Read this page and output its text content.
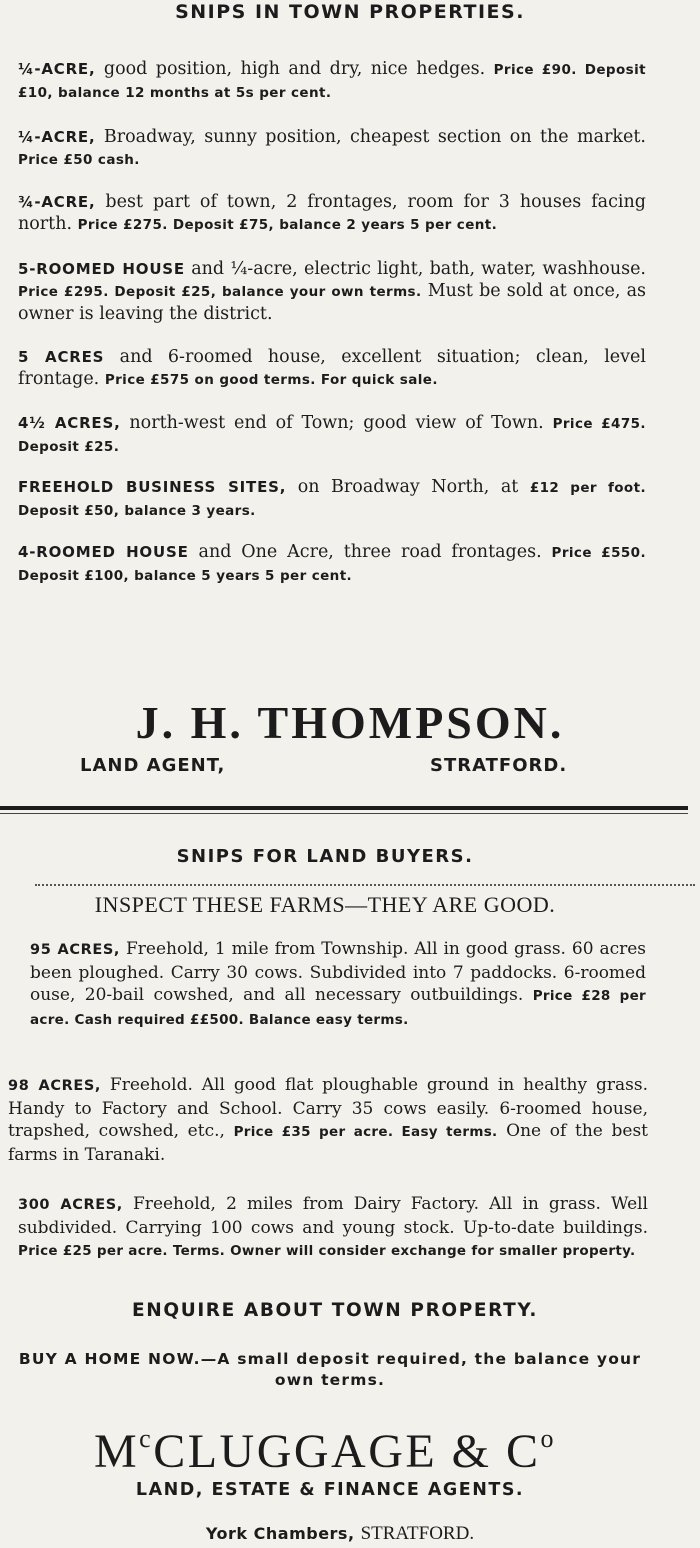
SNIPS IN TOWN PROPERTIES.
¼-ACRE, good position, high and dry, nice hedges. Price £90. Deposit £10, balance 12 months at 5s per cent.
¼-ACRE, Broadway, sunny position, cheapest section on the market. Price £50 cash.
¾-ACRE, best part of town, 2 frontages, room for 3 houses facing north. Price £275. Deposit £75, balance 2 years 5 per cent.
5-ROOMED HOUSE and ¼-acre, electric light, bath, water, washhouse. Price £295. Deposit £25, balance your own terms. Must be sold at once, as owner is leaving the district.
5 ACRES and 6-roomed house, excellent situation; clean, level frontage. Price £575 on good terms. For quick sale.
4½ ACRES, north-west end of Town; good view of Town. Price £475. Deposit £25.
FREEHOLD BUSINESS SITES, on Broadway North, at £12 per foot. Deposit £50, balance 3 years.
4-ROOMED HOUSE and One Acre, three road frontages. Price £550. Deposit £100, balance 5 years 5 per cent.
J. H. THOMPSON.
LAND AGENT,	STRATFORD.
SNIPS FOR LAND BUYERS.
INSPECT THESE FARMS—THEY ARE GOOD.
95 ACRES, Freehold, 1 mile from Township. All in good grass. 60 acres been ploughed. Carry 30 cows. Subdivided into 7 paddocks. 6-roomed ouse, 20-bail cowshed, and all necessary outbuildings. Price £28 per acre. Cash required ££500. Balance easy terms.
98 ACRES, Freehold. All good flat ploughable ground in healthy grass. Handy to Factory and School. Carry 35 cows easily. 6-roomed house, trapshed, cowshed, etc., Price £35 per acre. Easy terms. One of the best farms in Taranaki.
300 ACRES, Freehold, 2 miles from Dairy Factory. All in grass. Well subdivided. Carrying 100 cows and young stock. Up-to-date buildings. Price £25 per acre. Terms. Owner will consider exchange for smaller property.
ENQUIRE ABOUT TOWN PROPERTY.
BUY A HOME NOW.—A small deposit required, the balance your own terms.
$M^cCLUGGAGE$ & $C^o$
LAND, ESTATE & FINANCE AGENTS.
York Chambers, STRATFORD.
